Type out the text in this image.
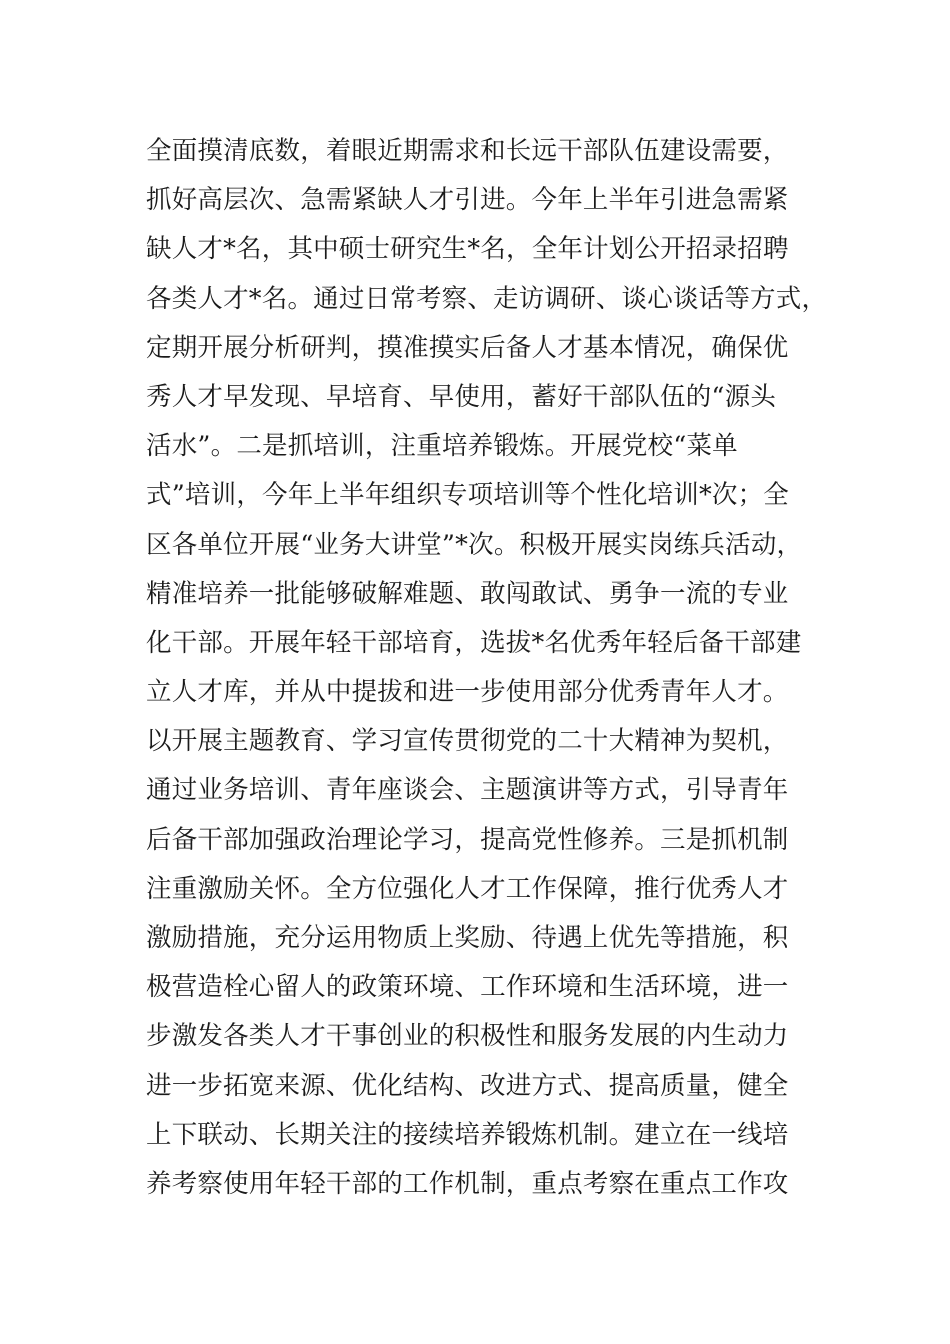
全面摸清底数，着眼近期需求和长远干部队伍建设需要，
抓好高层次、急需紧缺人才引进。今年上半年引进急需紧
缺人才*名，其中硕士研究生*名，全年计划公开招录招聘
各类人才*名。通过日常考察、走访调研、谈心谈话等方式，
定期开展分析研判，摸准摸实后备人才基本情况，确保优
秀人才早发现、早培育、早使用，蓄好干部队伍的“源头
活水”。二是抓培训，注重培养锻炼。开展党校“菜单
式”培训，今年上半年组织专项培训等个性化培训*次；全
区各单位开展“业务大讲堂”*次。积极开展实岗练兵活动，
精准培养一批能够破解难题、敢闯敢试、勇争一流的专业
化干部。开展年轻干部培育，选拔*名优秀年轻后备干部建
立人才库，并从中提拔和进一步使用部分优秀青年人才。
以开展主题教育、学习宣传贯彻党的二十大精神为契机，
通过业务培训、青年座谈会、主题演讲等方式，引导青年
后备干部加强政治理论学习，提高党性修养。三是抓机制
注重激励关怀。全方位强化人才工作保障，推行优秀人才
激励措施，充分运用物质上奖励、待遇上优先等措施，积
极营造栓心留人的政策环境、工作环境和生活环境，进一
步激发各类人才干事创业的积极性和服务发展的内生动力
进一步拓宽来源、优化结构、改进方式、提高质量，健全
上下联动、长期关注的接续培养锻炼机制。建立在一线培
养考察使用年轻干部的工作机制，重点考察在重点工作攻
